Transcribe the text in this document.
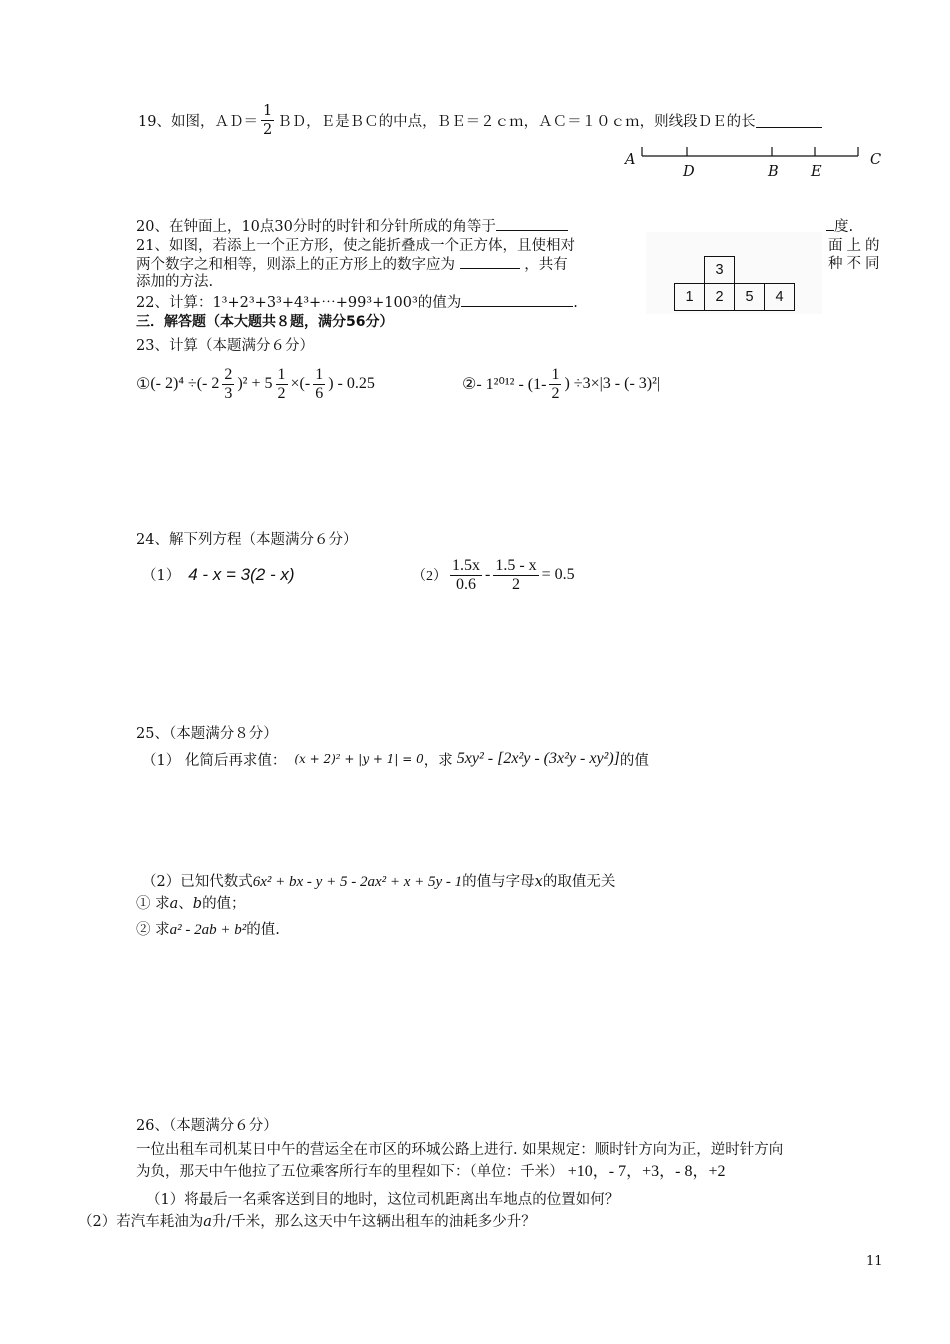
19、 如图，ＡＤ＝ $\frac{1}{2}$ ＢＤ，Ｅ是ＢＣ的中点，ＢＥ＝２ｃｍ，ＡＣ＝１０ｃｍ，则线段ＤＥ的长
A
D	B E
C
20、在钟面上，10点30分时的时针和分针所成的角等于	度.
21、如图，若添上一个正方形，使之能折叠成一个正方体，且使相对	面上的
两个数字之和相等，则添上的正方形上的数字应为	，共有	种不同
添加的方法.
3
1	2	5	4
22、计算：1³+2³+3³+4³+⋯+99³+100³的值为	.
三．解答题（本大题共８题，满分56分）
23、计算（本题满分６分）
① (- 2)⁴ ÷(- $2 \frac{2}{3} )^2 + 5 \frac{1}{2}$ ×(- $\frac{1}{6}$ ) - 0.25	② - $1^{2012} - (1- \frac{1}{2}$ ) ÷3×|3 - (- 3)²|
24、解下列方程（本题满分６分）
（1） 4 - x = 3(2 - x)	$(2) \frac{1.5x}{0.6} - \frac{1.5 - x}{2} = 0.5$
25、（本题满分８分）
（1） 化简后再求值： (x + 2)² + |y + 1| = 0 ，求 5xy² - [2x²y - (3x²y - xy²)] 的值
（2）已知代数式6x² + bx - y + 5 - 2ax² + x + 5y - 1的值与字母x的取值无关
① 求a、b的值；
② 求a² - 2ab + b²的值.
26、（本题满分６分）
一位出租车司机某日中午的营运全在市区的环城公路上进行. 如果规定：顺时针方向为正，逆时针方向
为负，那天中午他拉了五位乘客所行车的里程如下：（单位：千米） +10，- 7，+3，- 8，+2
（1）将最后一名乘客送到目的地时，这位司机距离出车地点的位置如何？
（2）若汽车耗油为a升/千米，那么这天中午这辆出租车的油耗多少升？
11
